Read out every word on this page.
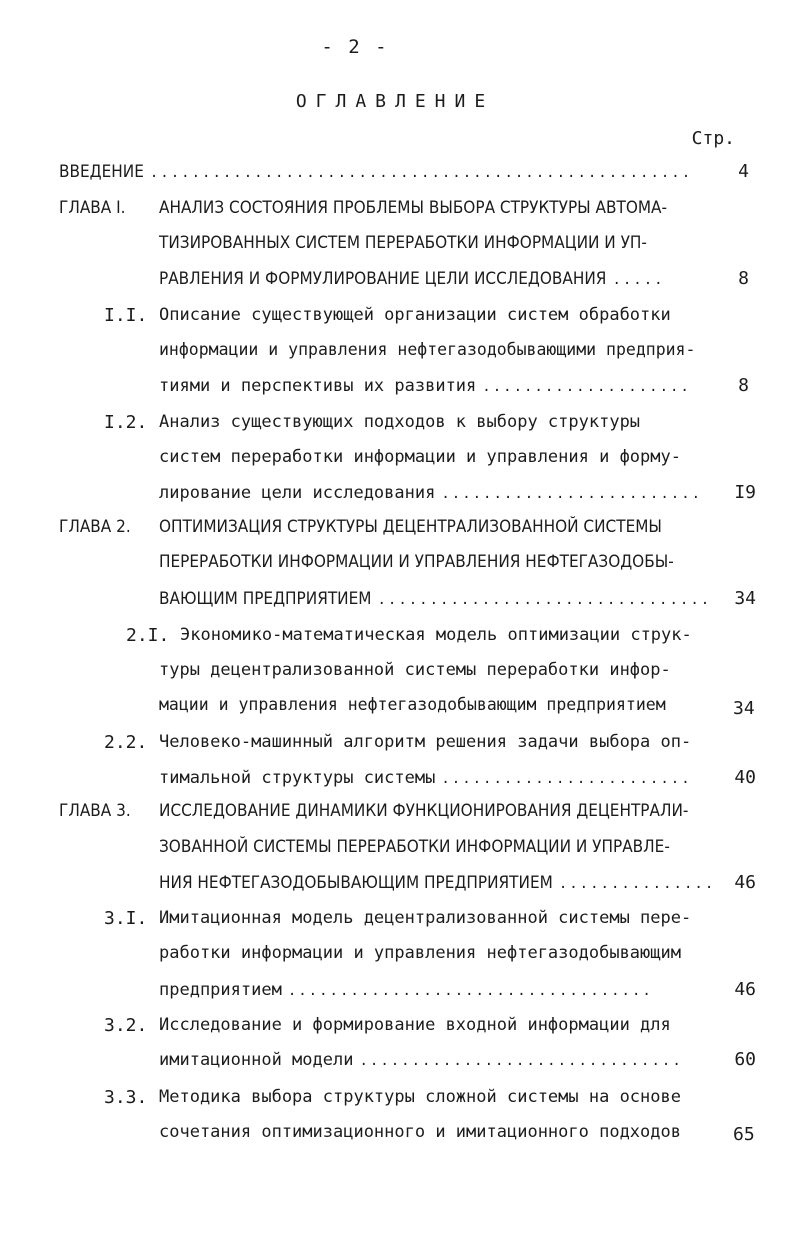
- 2 -
ОГЛАВЛЕНИЕ
Стр.
ВВЕДЕНИЕ ....................................................	4
ГЛАВА I. АНАЛИЗ СОСТОЯНИЯ ПРОБЛЕМЫ ВЫБОРА СТРУКТУРЫ АВТОМА-
ТИЗИРОВАННЫХ СИСТЕМ ПЕРЕРАБОТКИ ИНФОРМАЦИИ И УП-
РАВЛЕНИЯ И ФОРМУЛИРОВАНИЕ ЦЕЛИ ИССЛЕДОВАНИЯ .....	8
I.I. Описание существующей организации систем обработки
информации и управления нефтегазодобывающими предприя-
тиями и перспективы их развития ....................	8
I.2. Анализ существующих подходов к выбору структуры
систем переработки информации и управления и форму-
лирование цели исследования .........................	I9
ГЛАВА 2. ОПТИМИЗАЦИЯ СТРУКТУРЫ ДЕЦЕНТРАЛИЗОВАННОЙ СИСТЕМЫ
ПЕРЕРАБОТКИ ИНФОРМАЦИИ И УПРАВЛЕНИЯ НЕФТЕГАЗОДОБЫ-
ВАЮЩИМ ПРЕДПРИЯТИЕМ ................................	34
2.I. Экономико-математическая модель оптимизации струк-
туры децентрализованной системы переработки инфор-
мации и управления нефтегазодобывающим предприятием	34
2.2. Человеко-машинный алгоритм решения задачи выбора оп-
тимальной структуры системы ........................	40
ГЛАВА 3. ИССЛЕДОВАНИЕ ДИНАМИКИ ФУНКЦИОНИРОВАНИЯ ДЕЦЕНТРАЛИ-
ЗОВАННОЙ СИСТЕМЫ ПЕРЕРАБОТКИ ИНФОРМАЦИИ И УПРАВЛЕ-
НИЯ НЕФТЕГАЗОДОБЫВАЮЩИМ ПРЕДПРИЯТИЕМ ...............	46
3.I. Имитационная модель децентрализованной системы пере-
работки информации и управления нефтегазодобывающим
предприятием ...................................	46
3.2. Исследование и формирование входной информации для
имитационной модели ...............................	60
3.3. Методика выбора структуры сложной системы на основе
сочетания оптимизационного и имитационного подходов	65
